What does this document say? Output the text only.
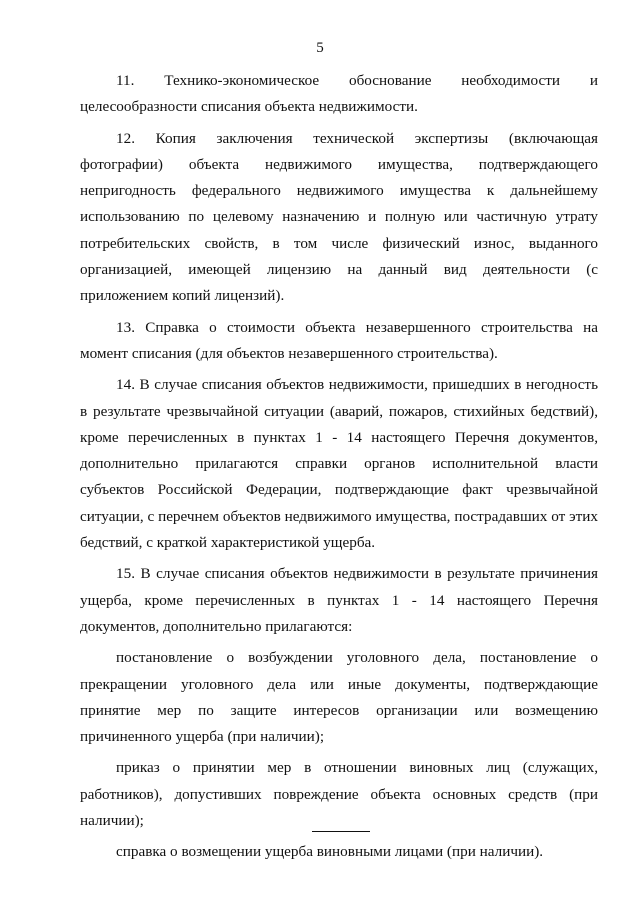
5

11. Технико-экономическое обоснование необходимости и целесообразности списания объекта недвижимости.

12. Копия заключения технической экспертизы (включающая фотографии) объекта недвижимого имущества, подтверждающего непригодность федерального недвижимого имущества к дальнейшему использованию по целевому назначению и полную или частичную утрату потребительских свойств, в том числе физический износ, выданного организацией, имеющей лицензию на данный вид деятельности (с приложением копий лицензий).

13. Справка о стоимости объекта незавершенного строительства на момент списания (для объектов незавершенного строительства).

14. В случае списания объектов недвижимости, пришедших в негодность в результате чрезвычайной ситуации (аварий, пожаров, стихийных бедствий), кроме перечисленных в пунктах 1 - 14 настоящего Перечня документов, дополнительно прилагаются справки органов исполнительной власти субъектов Российской Федерации, подтверждающие факт чрезвычайной ситуации, с перечнем объектов недвижимого имущества, пострадавших от этих бедствий, с краткой характеристикой ущерба.

15. В случае списания объектов недвижимости в результате причинения ущерба, кроме перечисленных в пунктах 1 - 14 настоящего Перечня документов, дополнительно прилагаются:

постановление о возбуждении уголовного дела, постановление о прекращении уголовного дела или иные документы, подтверждающие принятие мер по защите интересов организации или возмещению причиненного ущерба (при наличии);

приказ о принятии мер в отношении виновных лиц (служащих, работников), допустивших повреждение объекта основных средств (при наличии);

справка о возмещении ущерба виновными лицами (при наличии).
